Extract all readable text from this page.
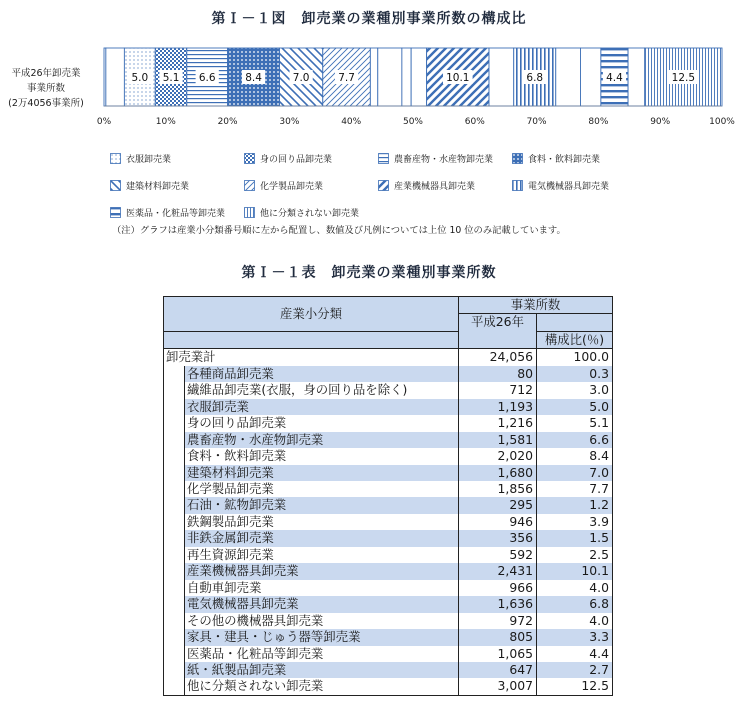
第Ｉ－１図　卸売業の業種別事業所数の構成比
平成26年卸売業
事業所数
(2万4056事業所)
5.0 5.1 6.6	8.4	7.0	7.7	10.1	6.8	4.4	12.5
0%	10%	20%	30%	40%	50%	60%	70%	80%	90%	100%
衣服卸売業	身の回り品卸売業	農畜産物・水産物卸売業	食料・飲料卸売業
建築材料卸売業	化学製品卸売業	産業機械器具卸売業	電気機械器具卸売業
医薬品・化粧品等卸売業	他に分類されない卸売業
（注）グラフは産業小分類番号順に左から配置し、数値及び凡例については上位 10 位のみ記載しています。
第Ｉ－１表　卸売業の業種別事業所数
産業小分類		事業所数	
		平成26年	
			構成比(％)
卸売業計		24,056	100.0
	各種商品卸売業	80	0.3
	繊維品卸売業(衣服，身の回り品を除く)	712	3.0
	衣服卸売業	1,193	5.0
	身の回り品卸売業	1,216	5.1
	農畜産物・水産物卸売業	1,581	6.6
	食料・飲料卸売業	2,020	8.4
	建築材料卸売業	1,680	7.0
	化学製品卸売業	1,856	7.7
	石油・鉱物卸売業	295	1.2
	鉄鋼製品卸売業	946	3.9
	非鉄金属卸売業	356	1.5
	再生資源卸売業	592	2.5
	産業機械器具卸売業	2,431	10.1
	自動車卸売業	966	4.0
	電気機械器具卸売業	1,636	6.8
	その他の機械器具卸売業	972	4.0
	家具・建具・じゅう器等卸売業	805	3.3
	医薬品・化粧品等卸売業	1,065	4.4
	紙・紙製品卸売業	647	2.7
	他に分類されない卸売業	3,007	12.5
